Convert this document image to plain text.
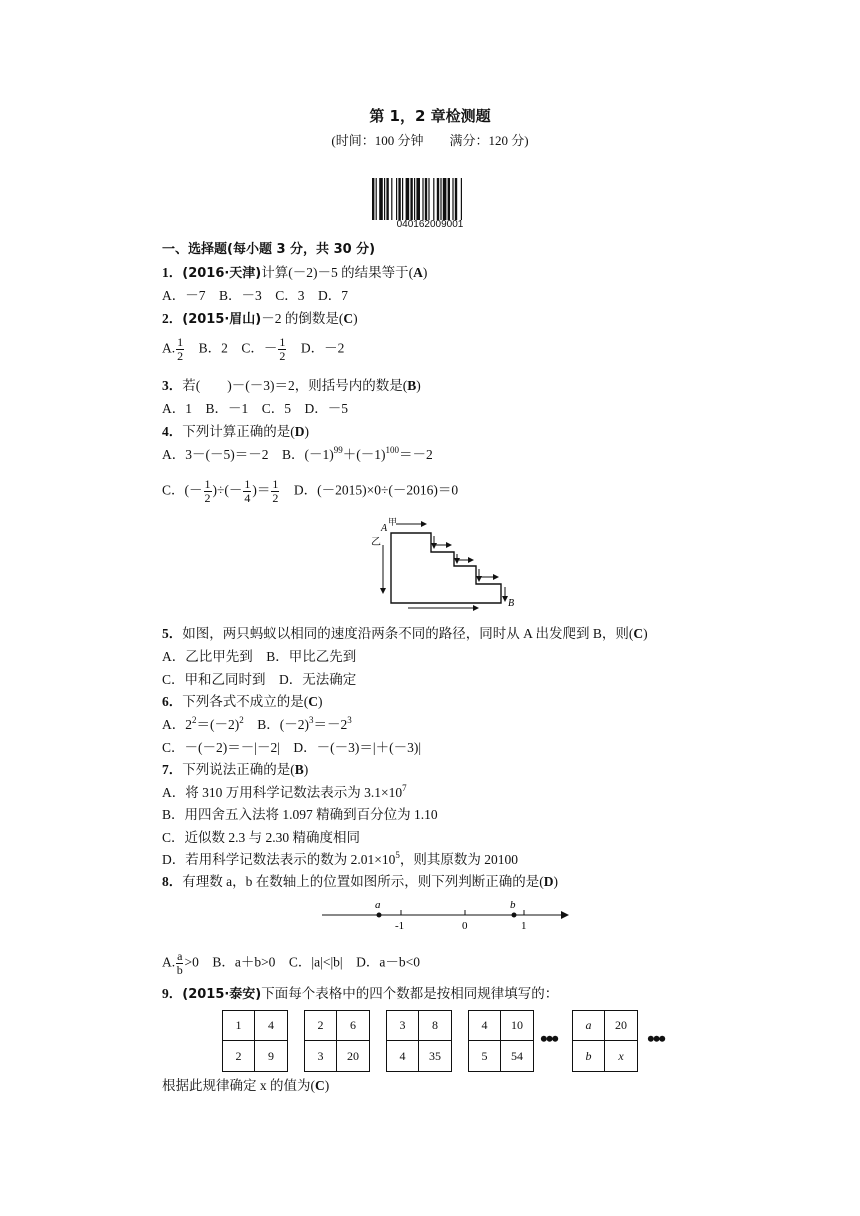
第 1，2 章检测题
(时间：100 分钟　　满分：120 分)
040162009001
一、选择题(每小题 3 分，共 30 分)
1．(2016·天津)计算(－2)－5 的结果等于(A)
A．－7　B．－3　C．3　D．7
2．(2015·眉山)－2 的倒数是(C)
A. $\frac{1}{2}$ 　B．2　C．－ $\frac{1}{2}$ 　D．－2
3．若(　　)－(－3)＝2，则括号内的数是(B)
A．1　B．－1　C．5　D．－5
4．下列计算正确的是(D)
A．3－(－5)＝－2　B．$(-1)^{99}+(-1)^{100}=-2$
C．(－ $\frac{1}{2}$ )÷(－ $\frac{1}{4}$ )＝ $\frac{1}{2}$ 　D．(－2015)×0÷(－2016)＝0
A
甲
乙
B
5．如图，两只蚂蚁以相同的速度沿两条不同的路径，同时从 A 出发爬到 B，则(C)
A．乙比甲先到　B．甲比乙先到
C．甲和乙同时到　D．无法确定
6．下列各式不成立的是(C)
A．$2^2=(-2)^2$　B．$(-2)^3=-2^3$
C．－(－2)＝－|－2|　D．－(－3)＝|＋(－3)|
7．下列说法正确的是(B)
A．将 310 万用科学记数法表示为 $3.1\times 10^7$
B．用四舍五入法将 1.097 精确到百分位为 1.10
C．近似数 2.3 与 2.30 精确度相同
D．若用科学记数法表示的数为 $2.01\times 10^5$，则其原数为 20100
8．有理数 a，b 在数轴上的位置如图所示，则下列判断正确的是(D)
a	b
-1	0	1
A. $\frac{a}{b} >0$　B．a＋b>0　C．|a|<|b|　D．a－b<0
9．(2015·泰安)下面每个表格中的四个数都是按相同规律填写的：
1	4
2	9
2	6
3	20
3	8
4	35
4	10
5	54
•••
a	20
b	x
•••
根据此规律确定 x 的值为(C)
